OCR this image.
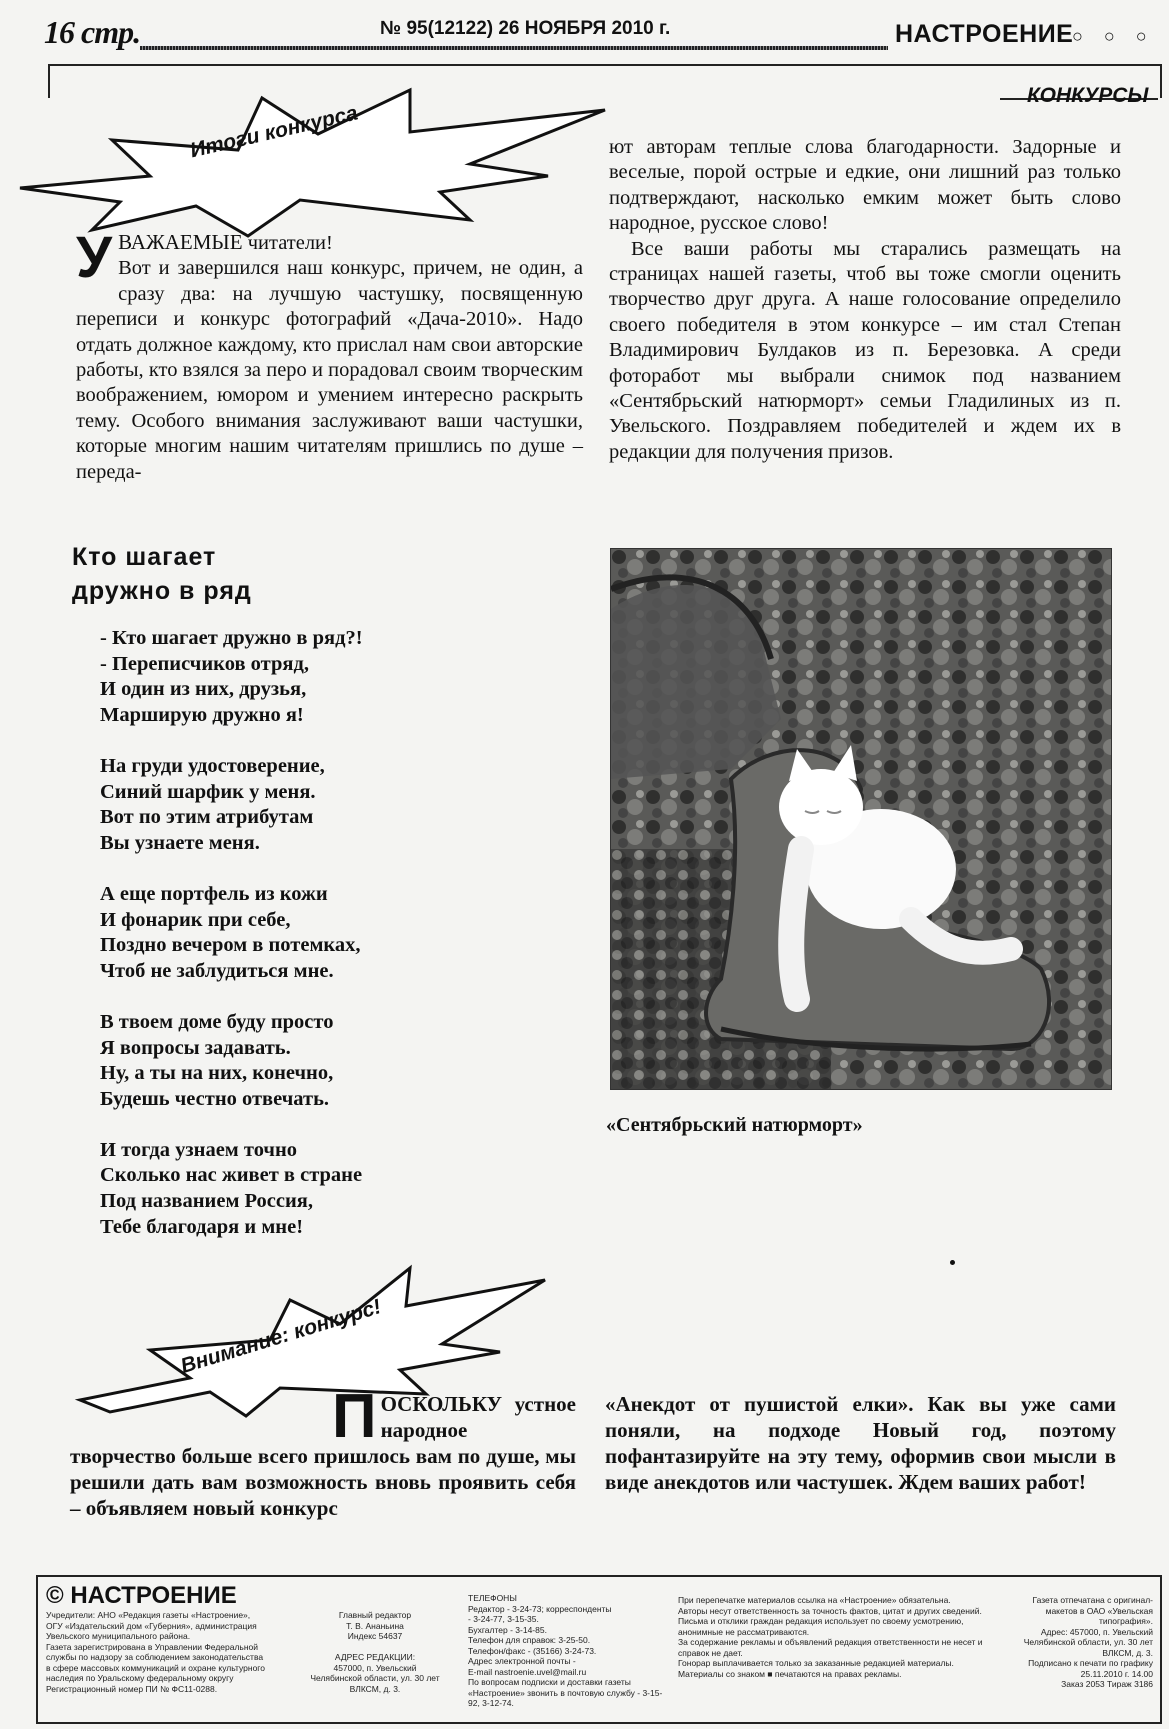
16 стр.	№ 95(12122) 26 НОЯБРЯ 2010 г.	НАСТРОЕНИЕ
○ ○ ○
КОНКУРСЫ
Итоги конкурса
У ВАЖАЕМЫЕ читатели!
Вот и завершился наш конкурс, причем, не один, а сразу два: на лучшую частушку, посвященную переписи и конкурс фотографий «Дача-2010». Надо отдать должное каждому, кто прислал нам свои авторские работы, кто взялся за перо и порадовал своим творческим воображением, юмором и умением интересно раскрыть тему. Особого внимания заслуживают ваши частушки, которые многим нашим читателям пришлись по душе – переда-
ют авторам теплые слова благодарности. Задорные и веселые, порой острые и едкие, они лишний раз только подтверждают, насколько емким может быть слово народное, русское слово!

Все ваши работы мы старались размещать на страницах нашей газеты, чтоб вы тоже смогли оценить творчество друг друга. А наше голосование определило своего победителя в этом конкурсе – им стал Степан Владимирович Булдаков из п. Березовка. А среди фоторабот мы выбрали снимок под названием «Сентябрьский натюрморт» семьи Гладилиных из п. Увельского. Поздравляем победителей и ждем их в редакции для получения призов.

Кто шагает
дружно в ряд
- Кто шагает дружно в ряд?!
- Переписчиков отряд,
И один из них, друзья,
Марширую дружно я!
На груди удостоверение,
Синий шарфик у меня.
Вот по этим атрибутам
Вы узнаете меня.
А еще портфель из кожи
И фонарик при себе,
Поздно вечером в потемках,
Чтоб не заблудиться мне.
В твоем доме буду просто
Я вопросы задавать.
Ну, а ты на них, конечно,
Будешь честно отвечать.
И тогда узнаем точно
Сколько нас живет в стране
Под названием Россия,
Тебе благодаря и мне!
«Сентябрьский натюрморт»
Внимание: конкурс!
ПОСКОЛЬКУ устное народное творчество больше всего пришлось вам по душе, мы решили дать вам возможность вновь проявить себя – объявляем новый конкурс
«Анекдот от пушистой елки». Как вы уже сами поняли, на подходе Новый год, поэтому пофантазируйте на эту тему, оформив свои мысли в виде анекдотов или частушек. Ждем ваших работ!
© НАСТРОЕНИЕ
Учредители: АНО «Редакция газеты «Настроение»,
ОГУ «Издательский дом «Губерния», администрация
Увельского муниципального района.
Газета зарегистрирована в Управлении Федеральной
службы по надзору за соблюдением законодательства
в сфере массовых коммуникаций и охране культурного
наследия по Уральскому федеральному округу
Регистрационный номер ПИ № ФС11-0288.
Главный редактор
Т. В. Ананьина
Индекс 54637

АДРЕС РЕДАКЦИИ:
457000, п. Увельский
Челябинской области, ул. 30 лет
ВЛКСМ, д. 3.
ТЕЛЕФОНЫ
Редактор - 3-24-73; корреспонденты
- 3-24-77, 3-15-35.
Бухгалтер - 3-14-85.
Телефон для справок: 3-25-50.
Телефон/факс - (35166) 3-24-73.
Адрес электронной почты -
E-mail nastroenie.uvel@mail.ru
По вопросам подписки и доставки газеты «Настроение» звонить в почтовую службу - 3-15-92, 3-12-74.
При перепечатке материалов ссылка на «Настроение» обязательна.
Авторы несут ответственность за точность фактов, цитат и других сведений.
Письма и отклики граждан редакция использует по своему усмотрению, анонимные не рассматриваются.
За содержание рекламы и объявлений редакция ответственности не несет и справок не дает.
Гонорар выплачивается только за заказанные редакцией материалы.
Материалы со знаком ■ печатаются на правах рекламы.
Газета отпечатана с оригинал-макетов в ОАО «Увельская типография».
Адрес: 457000, п. Увельский Челябинской области, ул. 30 лет ВЛКСМ, д. 3.
Подписано к печати по графику 25.11.2010 г. 14.00
Заказ 2053 Тираж 3186
